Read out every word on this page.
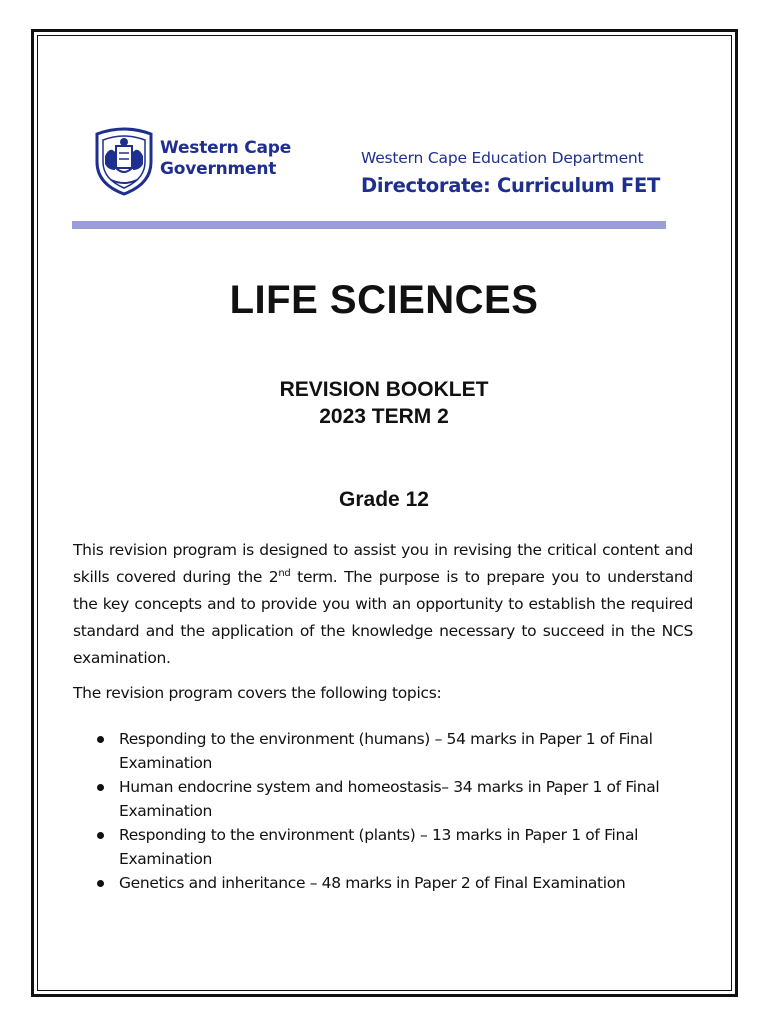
Western Cape
Government
Western Cape Education Department
Directorate: Curriculum FET
LIFE SCIENCES
REVISION BOOKLET
2023 TERM 2
Grade 12

This revision program is designed to assist you in revising the critical content and skills covered during the 2nd term. The purpose is to prepare you to understand the key concepts and to provide you with an opportunity to establish the required standard and the application of the knowledge necessary to succeed in the NCS examination.

The revision program covers the following topics:
Responding to the environment (humans) – 54 marks in Paper 1 of Final Examination
Human endocrine system and homeostasis– 34 marks in Paper 1 of Final Examination
Responding to the environment (plants) – 13 marks in Paper 1 of Final Examination
Genetics and inheritance – 48 marks in Paper 2 of Final Examination
